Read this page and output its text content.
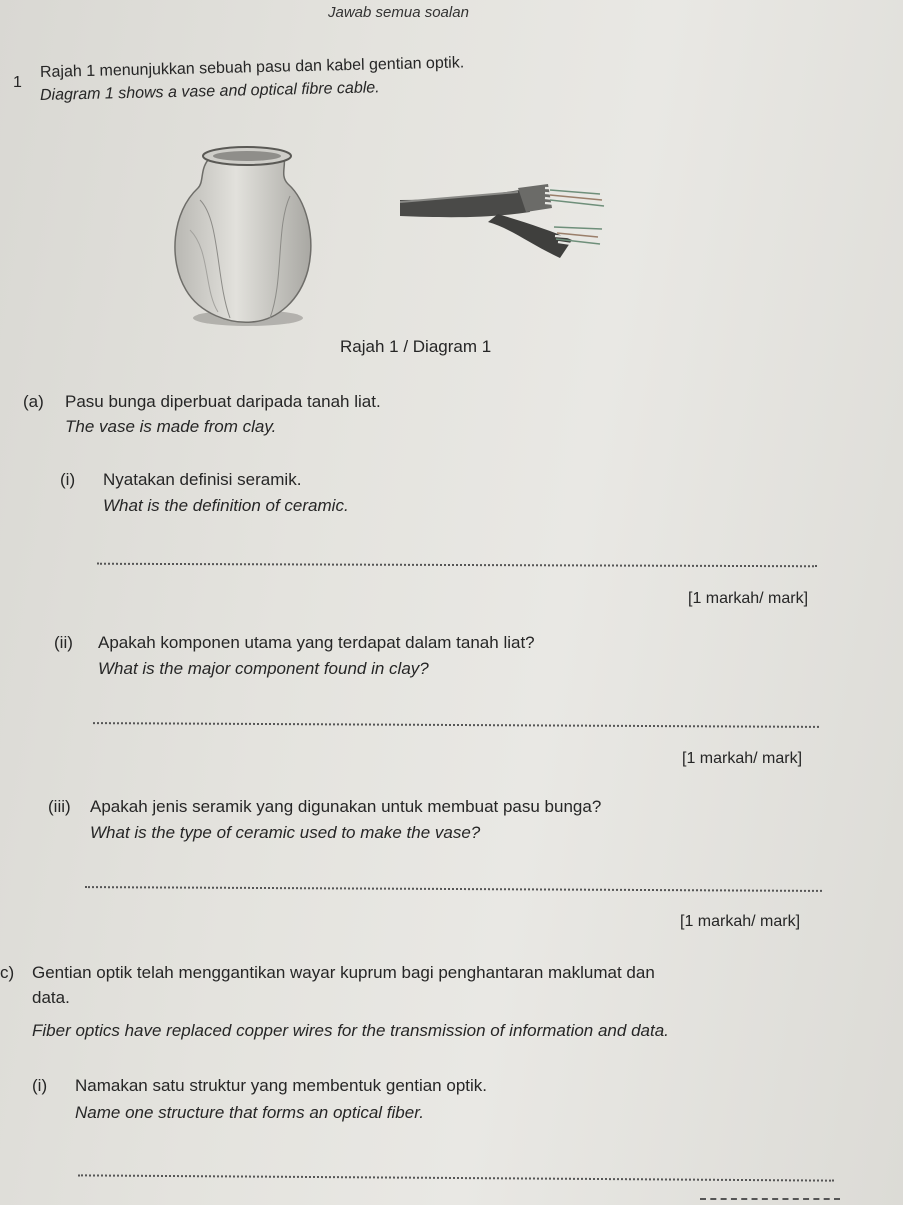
Jawab semua soalan
1
Rajah 1 menunjukkan sebuah pasu dan kabel gentian optik.
Diagram 1 shows a vase and optical fibre cable.
Rajah 1 / Diagram 1
(a) Pasu bunga diperbuat daripada tanah liat.
The vase is made from clay.
(i) Nyatakan definisi seramik.
What is the definition of ceramic.
[1 markah/ mark]
(ii) Apakah komponen utama yang terdapat dalam tanah liat?
What is the major component found in clay?
[1 markah/ mark]
(iii) Apakah jenis seramik yang digunakan untuk membuat pasu bunga?
What is the type of ceramic used to make the vase?
[1 markah/ mark]
c) Gentian optik telah menggantikan wayar kuprum bagi penghantaran maklumat dan
data.
Fiber optics have replaced copper wires for the transmission of information and data.
(i) Namakan satu struktur yang membentuk gentian optik.
Name one structure that forms an optical fiber.
